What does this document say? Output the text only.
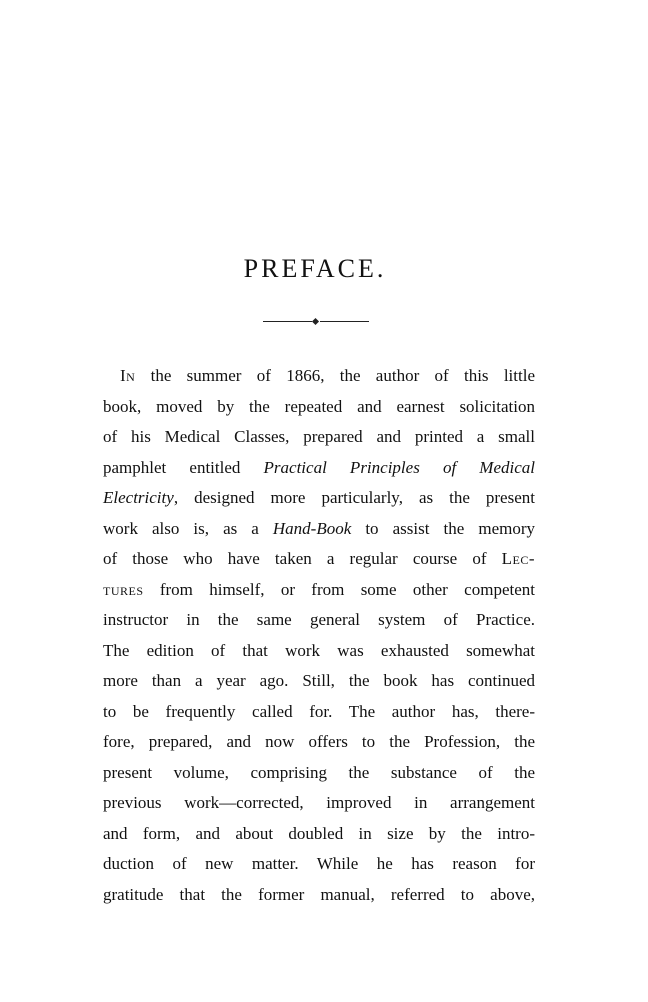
PREFACE.
In the summer of 1866, the author of this little
book, moved by the repeated and earnest solicitation
of his Medical Classes, prepared and printed a small
pamphlet entitled Practical Principles of Medical
Electricity, designed more particularly, as the present
work also is, as a Hand-Book to assist the memory
of those who have taken a regular course of Lec-
tures from himself, or from some other competent
instructor in the same general system of Practice.
The edition of that work was exhausted somewhat
more than a year ago. Still, the book has continued
to be frequently called for. The author has, there-
fore, prepared, and now offers to the Profession, the
present volume, comprising the substance of the
previous work—corrected, improved in arrangement
and form, and about doubled in size by the intro-
duction of new matter. While he has reason for
gratitude that the former manual, referred to above,
